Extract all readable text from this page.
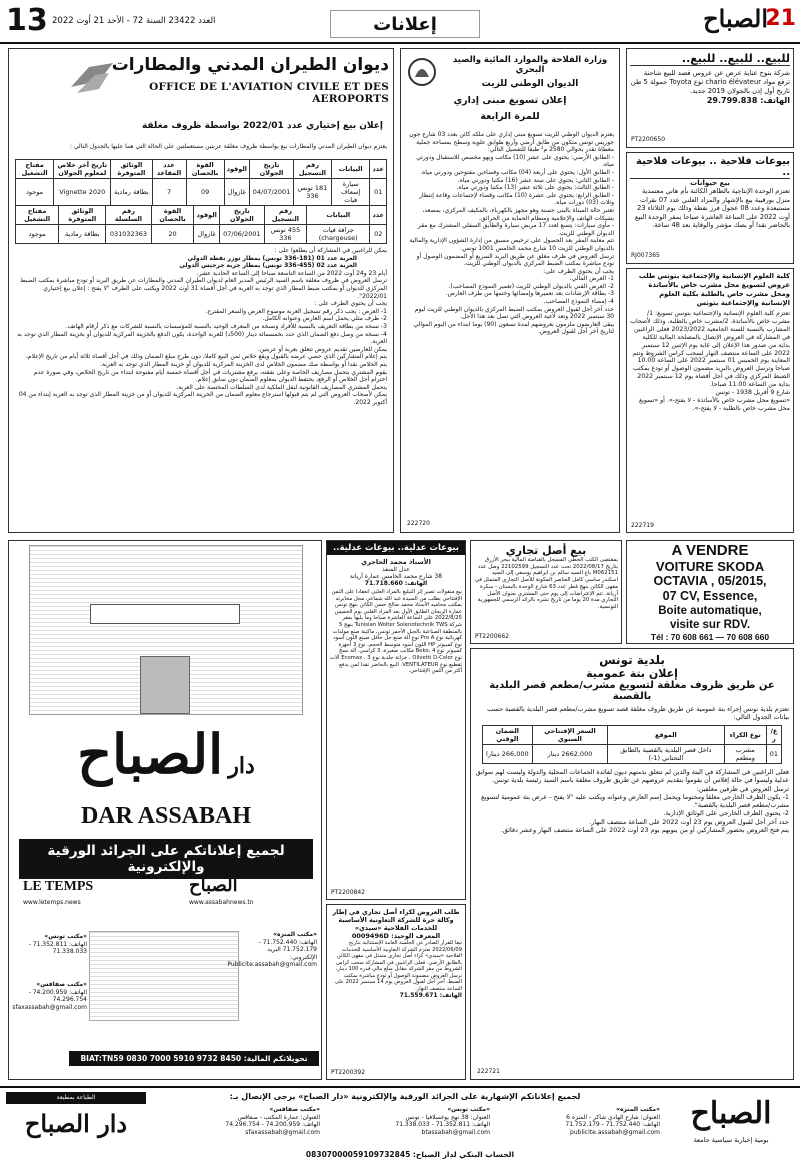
13 العدد 23422 السنة 72 - الأحد 21 أوت 2022	إعلانات	21
الصباح
ديوان الطيران المدني والمطارات
OFFICE DE L'AVIATION CIVILE ET DES AEROPORTS
إعلان بيع إختياري عدد 2022/01 بواسطة ظروف مغلقة
يعتزم ديوان الطيران المدني والمطارات بيع بواسطة ظروف مغلقة عربتين مستعملتين على الحالة التي هما عليها بالجدول التالي :
عدد	البيانات	رقم التسجيل	تاريخ الجولان	الوقود	القوة بالحصان	عدد المقاعد	الوثائق المتوفرة	تاريخ آخر خلاص لمعلوم الجولان	مفتاح التشغيل
01	سيارة إسعاف فيات	181 تونس 336	04/07/2001	غازوال	09	7	بطاقة رمادية	Vignette 2020	موجود
عدد	البيانات	رقم التسجيل	تاريخ الجولان	الوقود	القوة بالحصان	رقم السلسلة	الوثائق المتوفرة	مفتاح التشغيل
02	جرافة فيات (chargeuse)	455 تونس 336	07/06/2001	غازوال	20	031032363	بطاقة رمادية	موجود
يمكن للراغبين في المشاركة أن يطلعوا على :
العربة عدد 01 (181-336 تونس) بمطار توزر نفطة الدولي
العربة عدد 02 (455-336 تونس) بمطار جربة جرجيس الدولي
أيام 23 و24 أوت 2022 من الساعة التاسعة صباحا إلى الساعة الحادية عشر.
ترسل العروض في ظروف مغلقة باسم السيد الرئيس المدير العام لديوان الطيران المدني والمطارات عن طريق البريد أو تودع مباشرة بمكتب الضبط المركزي للديوان أو بمكتب ضبط المطار الذي توجد به العربة في أجل أقصاه 31 أوت 2022 ويكتب على الظرف "لا يفتح : إعلان بيع إختياري 2022/01".
يجب أن يحتوي الظرف على :
1- العرض : يجب ذكر رقم تسجيل العربة موضوع العرض والسعر المقترح.
2- ظرف مثلي يحمل اسم العارض وعنوانه الكامل.
3- نسخة من بطاقة التعريف بالنسبة للأفراد ونسخة من المعرف الوحيد بالنسبة للمؤسسات بالنسبة للشركات مع ذكر أرقام الهاتف.
4- نسخة من وصل دفع الضمان الذي حدد بخمسمائة دينار (500د) للعربة الواحدة، يكون الدفع بالخزينة المركزية للديوان أو بخزينة المطار الذي توجد به العربة.
يمكن للعارضين تقديم عروض تتعلق بعربة أو عربتين.
يتم إعلام المشاركين الذي حضي عرضه بالقبول ويقع خلاص ثمن البيع كاملا، دون طرح مبلغ الضمان وذلك في أجل أقصاه ثلاثة أيام من تاريخ الإعلام، يتم الخلاص نقدا أو بواسطة صك مضمون الخلاص لدى الخزينة المركزية للديوان أو خزينة المطار الذي توجد به العربة.
يقوم المشتري بتحمل مصاريف الخاصة وعلى نفقته، يرفع مشتريات في أجل أقصاه خمسة أيام مفتوحة ابتداء من تاريخ الخلاص، وفي صورة عدم احترام أجل الخلاص أو الرفع، يحتفظ الديوان بمعلوم الضمان دون سابق إعلام.
يتحمل المشتري المصاريف القانونية لنقل الملكية لدى السلطات المختصة على العربة.
يمكن لأصحاب العروض التي لم يتم قبولها استرجاع معلوم الضمان من الخزينة المركزية للديوان أو من خزينة المطار الذي توجد به العربة إبتداء من 04 أكتوبر 2022.
وزارة الفلاحة والموارد المائية والصيد البحري
الديوان الوطني للزيت
إعلان تسويغ مبنى إداري
للمرة الرابعة
يعتزم الديوان الوطني للزيت تسويغ مبنى إداري على ملكه كائن بعدد 03 شارع جون جوريس تونس متكون من طابق أرضي وأربع طوابق علوية وسطح بمساحة جملية مغطاة تقدر بحوالي 2580 م² طبقا للتفصيل التالي:
- الطابق الأرضي: يحتوي على عشر (10) مكاتب وبهو مخصص للاستقبال ودورتي مياه.
- الطابق الأول: يحتوي على أربعة (04) مكاتب وقضاءين مفتوحين ودورتي مياه.
- الطابق الثاني: يحتوي على ستة عشر (16) مكتبا ودورتي مياه.
- الطابق الثالث: يحتوي على ثلاثة عشر (13) مكتبا ودورتي مياه.
- الطابق الرابع: يحتوي على عشرة (10) مكاتب وقضاء لإجتماعات وقاعة إنتظار وثلاث (03) دورات مياه.
تعتبر حالة المبناة بالبنى حسنة وهو مجهز بالكهرباء، بالمكيف المركزي، بمصعد، بشبكات الهاتف والإعلامية ومنظام الحماية من الحرائق.
- مأوى سيارات: يتسع لعدد 17 مربض سيارة والطابق السفلي المشترك مع مقر الديوان الوطني للزيت.
تتم معاينة المقر بعد الحصول على ترخيص مسبق من إدارة الشؤون الإدارية والمالية بالديوان الوطني للزيت 10 شارع محمد الخامس 1001 تونس.
ترسل العروض في ظرف مغلق عن طريق البريد السريع أو المضمون الوصول أو تودع مباشرة بمكتب الضبط المركزي بالديوان الوطني للزيت.
يجب أن يحتوي الظرف على:
1- العرض المالي.
2- العرض الفني بالديوان الوطني للزيت (تعمير النموذج المصاحب).
3- بطاقة الإرشادات بعد تعميرها وإمضائها وختمها من طرف العارض.
4- إمضاء النموذج المصاحب.
حدد آخر أجل لقبول العروض بمكتب الضبط المركزي بالديوان الوطني للزيت ليوم 30 سبتمبر 2022 وتعد لاغية العروض التي تصل بعد هذا الأجل.
يبقى العارضون ملزمون بعروضهم لمدة تسعون (90) يوما ابتداء من اليوم الموالي لتاريخ آخر أجل لقبول العروض.
222720
للبيع.. للبيع.. للبيع..
شركة بنوح عناية عرض عن عروس قصد للبيع شاحنة ترفع مواد chario élévateur نوع Toyota حمولة 5 طن تاريخ أول إذن بالجولان 2019 جديد.
الهاتف: 29.799.838
PT2200650
بيوعات فلاحية .. بيوعات فلاحية ..
بيع حيوانات
تعتزم الوحدة الإنتاجية بالظاهر الكائنة بأم هاني معتمدية منزل بورقيبة بيع بالإشهار والمزاد العلني عدد 07 بقرات مستبعدة وعدد 08 عجول فرز نقطة وذلك يوم الثلاثاء 23 أوت 2022 على الساعة العاشرة صباحا بمقر الوحدة البيع بالحاضر نقدا أو بصك مؤشر والوقاية بعد 48 ساعة.
RJ007365
كلية العلوم الإنسانية والإجتماعية بتونس طلب عروض لتسويغ محل مشرب خاص بالأساتذة ومحل مشرب خاص بالطلبة بكلية العلوم الإنسانية والإجتماعية بتونس
تعتزم كلية العلوم الإنسانية والإجتماعية بتونس تسويغ: 1/مشرب خاص بالأساتذة. 2/مشرب خاص بالطلبة. وذلك لأصحاب المشارب بالنسبة للسنة الجامعية 2023/2022 فعلى الراغبين في المشاركة في العروض الإتصال بالمصلحة المالية للكلية بداية من صدور هذا الإعلان إلى غاية يوم الإثنين 12 سبتمبر 2022 على الساعة منتصف النهار لسحب كراس الشروط وتتم المعاينة يوم الخميس 01 سبتمبر 2022 على الساعة 10.00 صباحا وترسل العروض بالبريد مضمون الوصول أو تودع بمكتب الضبط المركزي وذلك في أجل أقصاه يوم 12 سبتمبر 2022 بداية من الساعة 11.00 صباحا.
شارع 9 أفريل 1938 - تونس
«تسويغ محل مشرب خاص بالأساتذة - لا يفتح-». أو «تسويغ محل مشرب خاص بالطلبة - لا يفتح-».
222719
A VENDRE
VOITURE SKODA
OCTAVIA , 05/2015,
07 CV, Essence,
Boite automatique,
visite sur RDV.
Tél : 70 608 661 — 70 608 660
بيع أصل تجاري
بمقتضى الكتب الخطي المسجل بالقباضة المالية ببحر الأزرق بتاريخ 2022/08/17 تحت عدد التسجيل 22102599 وصل عدد M062151 باع السيد سالم بن ابراهيم يوسفي إلى السيد اسكندر ساسي كامل العناصر المكونة للأصل التجاري المتمثل في مقهى الكائن بنهج قطر عدد 63 شارع الوحدة بالبستان - سكرة أريانة. تتم الإعتراضات إلى يوم حتى المشتري بعنوان الأصل التجاري مدة 20 يوما من تاريخ نشره بالرائد الرسمي للجمهورية التونسية.
PT2200662
بلدية تونس
إعلان بتة عمومية
عن طريق ظروف مغلقة لتسويغ مشرب/مطعم قصر البلدية بالقصبة
تعتزم بلدية تونس إجراء بتة عمومية عن طريق ظروف مغلقة قصد تسويغ مشرب/مطعم قصر البلدية بالقصبة حسب بيانات الجدول التالي:
ع/ر	نوع الكراء	الموقع	السعر الإفتتاحي السنوي	الضمان الوقتي
01	مشرب ومطعم	داخل قصر البلدية بالقصبة بالطابق التحتاني (1-)	2662,000 دينار	266,000 دينارا
فعلى الراغبين في المشاركة في البتة والذين لم تتعلق بذمتهم ديون لفائدة الجماعات المحلية والدولة وليست لهم سوابق عدلية وليسوا في حالة إفلاس أن يقوموا بتقديم عروضهم عن طريق ظروف مغلقة باسم السيد رئيسة بلدية تونس.
ترسل العروض في ظرفين مغلقين:
1- يكون الظرف الخارجي مغلقا ومختوما ويحمل إسم العارض وعنوانه ويكتب عليه "لا يفتح - عرض بتة عمومية لتسويغ مشرب/مطعم قصر البلدية بالقصبة".
2- يحتوي الظرف الخارجي على الوثائق الإدارية.
حدد آخر أجل لقبول العروض يوم 23 أوت 2022 على الساعة منتصف النهار.
يتم فتح العروض بحضور المشاركين أو من ينوبهم يوم 23 أوت 2022 على الساعة منتصف النهار وعشر دقائق.
222721
بيوعات عدلية.. بيوعات عدلية..
الأستاذ محمد الحاجري
عدل المنفذ
38 شارع محمد الخامس عمارة أريانة
الهاتف: 71.718.660
بيع منقولات تصير إثر التبليغ بالمزاد العلني انعقادا على الثمن الإفتتاحي بطلب من السيدة عبد الله شماعي محل مخابرته بمكتب محاميه الأستاذ محمد صالح حسن الكائن بنهج تونس عمارة الريحان الطابق الأول بعد المزاد العلني يوم الخميس 2022/8/25 على الساعة العاشرة صباحا وما يليها بمقر شركة Tunisian Wolter Solenotechnik TWS بنهج 5 بالمنطقة الصناعية بالجبل الأحمر تونس، ماكينة صنع مولدات كهربائية نوع Pro A نوع آلة صنع جل حافل صينع اللون أسود نوع كمبيوتر HP اللون أسود متوسط الحجم، نوع 3 أجهزة كمبيوتر نوع Beko، 4 مكاتب صغيرة، 3 كراسي، آلة نسخ نوع Olivetti D-Color ، خزانة جلدية نوع Ecomax ، 3 آلات تقطيع نوع VENTILATEUR. البيع بالحاضر نقدا لمن يدفع أكثر من الثمن الإفتتاحي.
PT2200842
طلب العروض لكراء أصل تجاري في إطار وكالة حرة للشركة التعاونية الأساسية للخدمات الفلاحية «سيدي»
المعرف الوحيد: 0009496D
تبعا للقرار الصادر عن الجلسة العامة الإستثنائية بتاريخ 2022/06/09 تعتزم الشركة التعاونية الأساسية للخدمات الفلاحية «سيدي» كراء أصل تجاري متمثل في مقهى الكائن بالطابق الأرضي. فعلى الراغبين في المشاركة سحب كراس الشروط من مقر الشركة مقابل مبلغ مالي قدره 100 دينار، ترسل العروض مضمونة الوصول أو تودع مباشرة بمكتب الضبط. آخر أجل لقبول العروض يوم 14 سبتمبر 2022 على الساعة منتصف النهار.
الهاتف: 71.559.671
PT2200392
دار الصباح
DAR ASSABAH
لجميع إعلاناتكم على الجرائد الورقية والإلكترونية
LE TEMPS
www.letemps.news
الصباح
www.assabahnews.tn
«مكتب المنزه»
الهاتف: 71.752.440 - 71.752.179 البريد الإلكتروني: Publicite.assabah@gmail.com
«مكتب تونس»
الهاتف: 71.352.811 - 71.338.033
«مكتب صفاقس»
الهاتف: 74.200.959 - 74.296.754 sfaxassabah@gmail.com
BIAT:TN59 0830 7000 5910 9732 8450 :تحويلاتكم المالية
لجميع إعلاناتكم الإشهارية على الجرائد الورقية والإلكترونية «دار الصباح» يرجى الإتصال بـ:
«مكتب المنزه»
العنوان: شارع الهادي شاكر - المنزه 6
الهاتف: 71.752.440 - 71.752.179
publicite.assabah@gmail.com
«مكتب تونس»
العنوان: 38 نهج يوغسلافيا - تونس
الهاتف: 71.352.811 - 71.338.033
btassabah@gmail.com
«مكتب صفاقس»
العنوان: عمارة المكتب - صفاقس
الهاتف: 74.200.959 - 74.296.754
sfaxassabah@gmail.com
الحساب البنكي لدار الصباح: 08307000059109732845
الصباح
يومية إخبارية سياسية جامعة
الطباعة بمطبعة
دار الصباح
